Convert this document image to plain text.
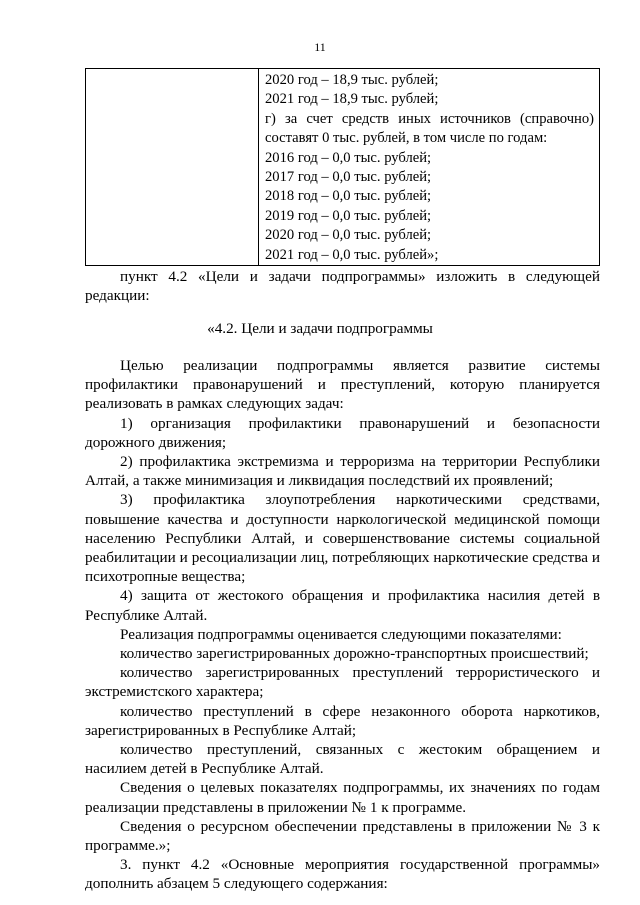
11

2020 год – 18,9 тыс. рублей;
2021 год – 18,9 тыс. рублей;
г) за счет средств иных источников (справочно)
составят 0 тыс. рублей, в том числе по годам:
2016 год – 0,0 тыс. рублей;
2017 год – 0,0 тыс. рублей;
2018 год – 0,0 тыс. рублей;
2019 год – 0,0 тыс. рублей;
2020 год – 0,0 тыс. рублей;
2021 год – 0,0 тыс. рублей»;

пункт 4.2 «Цели и задачи подпрограммы» изложить в следующей редакции:

«4.2. Цели и задачи подпрограммы

Целью реализации подпрограммы является развитие системы профилактики правонарушений и преступлений, которую планируется реализовать в рамках следующих задач:

1) организация профилактики правонарушений и безопасности дорожного движения;

2) профилактика экстремизма и терроризма на территории Республики Алтай, а также минимизация и ликвидация последствий их проявлений;

3) профилактика злоупотребления наркотическими средствами, повышение качества и доступности наркологической медицинской помощи населению Республики Алтай, и совершенствование системы социальной реабилитации и ресоциализации лиц, потребляющих наркотические средства и психотропные вещества;

4) защита от жестокого обращения и профилактика насилия детей в Республике Алтай.

Реализация подпрограммы оценивается следующими показателями:

количество зарегистрированных дорожно-транспортных происшествий;

количество зарегистрированных преступлений террористического и экстремистского характера;

количество преступлений в сфере незаконного оборота наркотиков, зарегистрированных в Республике Алтай;

количество преступлений, связанных с жестоким обращением и насилием детей в Республике Алтай.

Сведения о целевых показателях подпрограммы, их значениях по годам реализации представлены в приложении № 1 к программе.

Сведения о ресурсном обеспечении представлены в приложении № 3 к программе.»;

3. пункт 4.2 «Основные мероприятия государственной программы» дополнить абзацем 5 следующего содержания:
